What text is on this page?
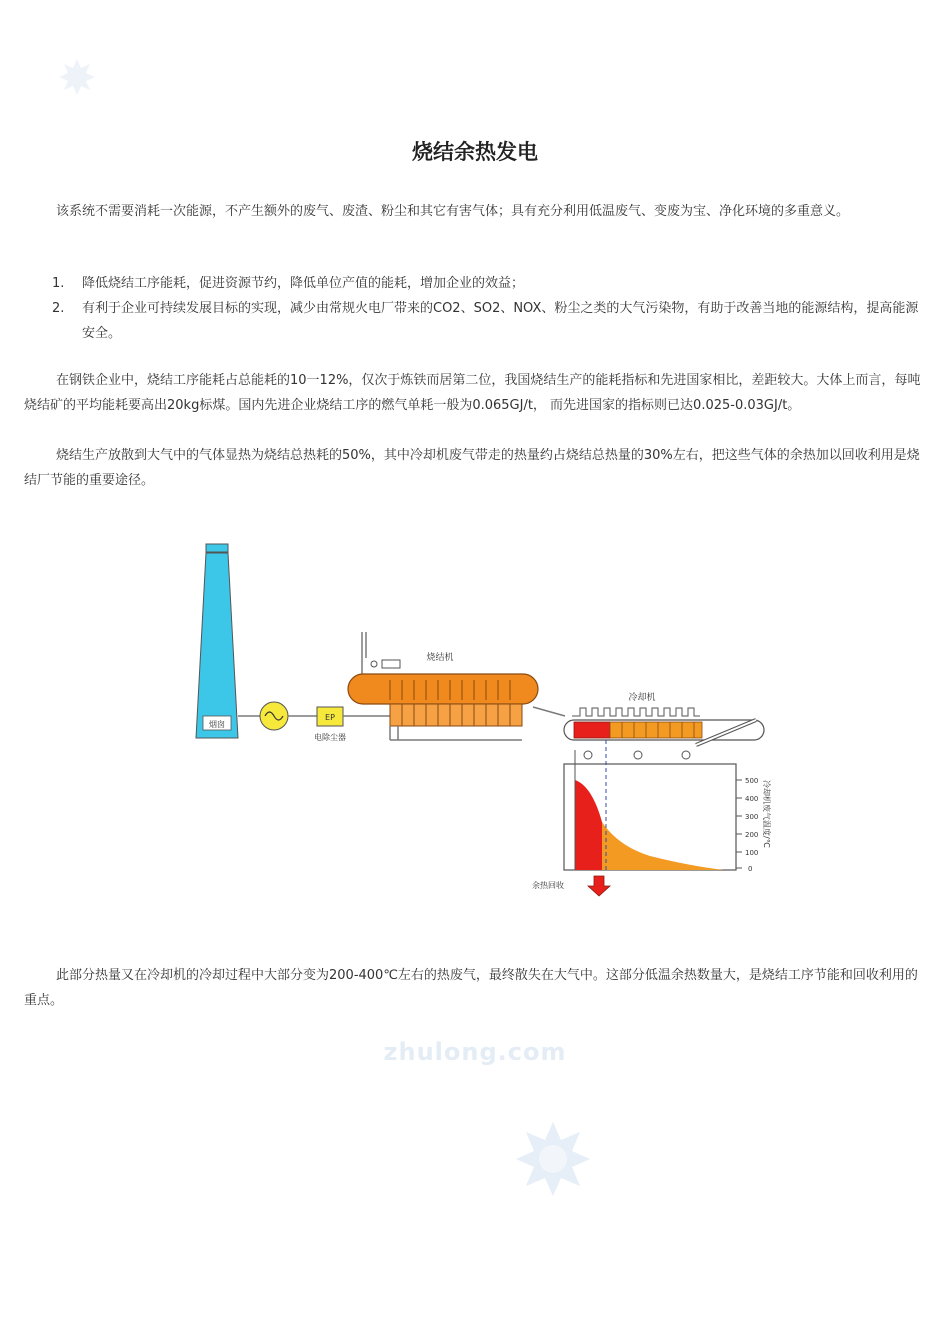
烧结余热发电

该系统不需要消耗一次能源，不产生额外的废气、废渣、粉尘和其它有害气体；具有充分利用低温废气、变废为宝、净化环境的多重意义。

1. 降低烧结工序能耗，促进资源节约，降低单位产值的能耗，增加企业的效益；
2. 有利于企业可持续发展目标的实现，减少由常规火电厂带来的CO2、SO2、NOX、粉尘之类的大气污染物，有助于改善当地的能源结构，提高能源安全。

在钢铁企业中，烧结工序能耗占总能耗的10一12%，仅次于炼铁而居第二位，我国烧结生产的能耗指标和先进国家相比，差距较大。大体上而言，每吨烧结矿的平均能耗要高出20kg标煤。国内先进企业烧结工序的燃气单耗一般为0.065GJ/t， 而先进国家的指标则已达0.025-0.03GJ/t。

烧结生产放散到大气中的气体显热为烧结总热耗的50%，其中冷却机废气带走的热量约占烧结总热量的30%左右，把这些气体的余热加以回收利用是烧结厂节能的重要途径。

烟囱
EP
电除尘器
烧结机
冷却机
500
400
300
200
100
0
冷却机废气温度/℃
余热回收

此部分热量又在冷却机的冷却过程中大部分变为200-400℃左右的热废气，最终散失在大气中。这部分低温余热数量大，是烧结工序节能和回收利用的重点。

zhulong.com
